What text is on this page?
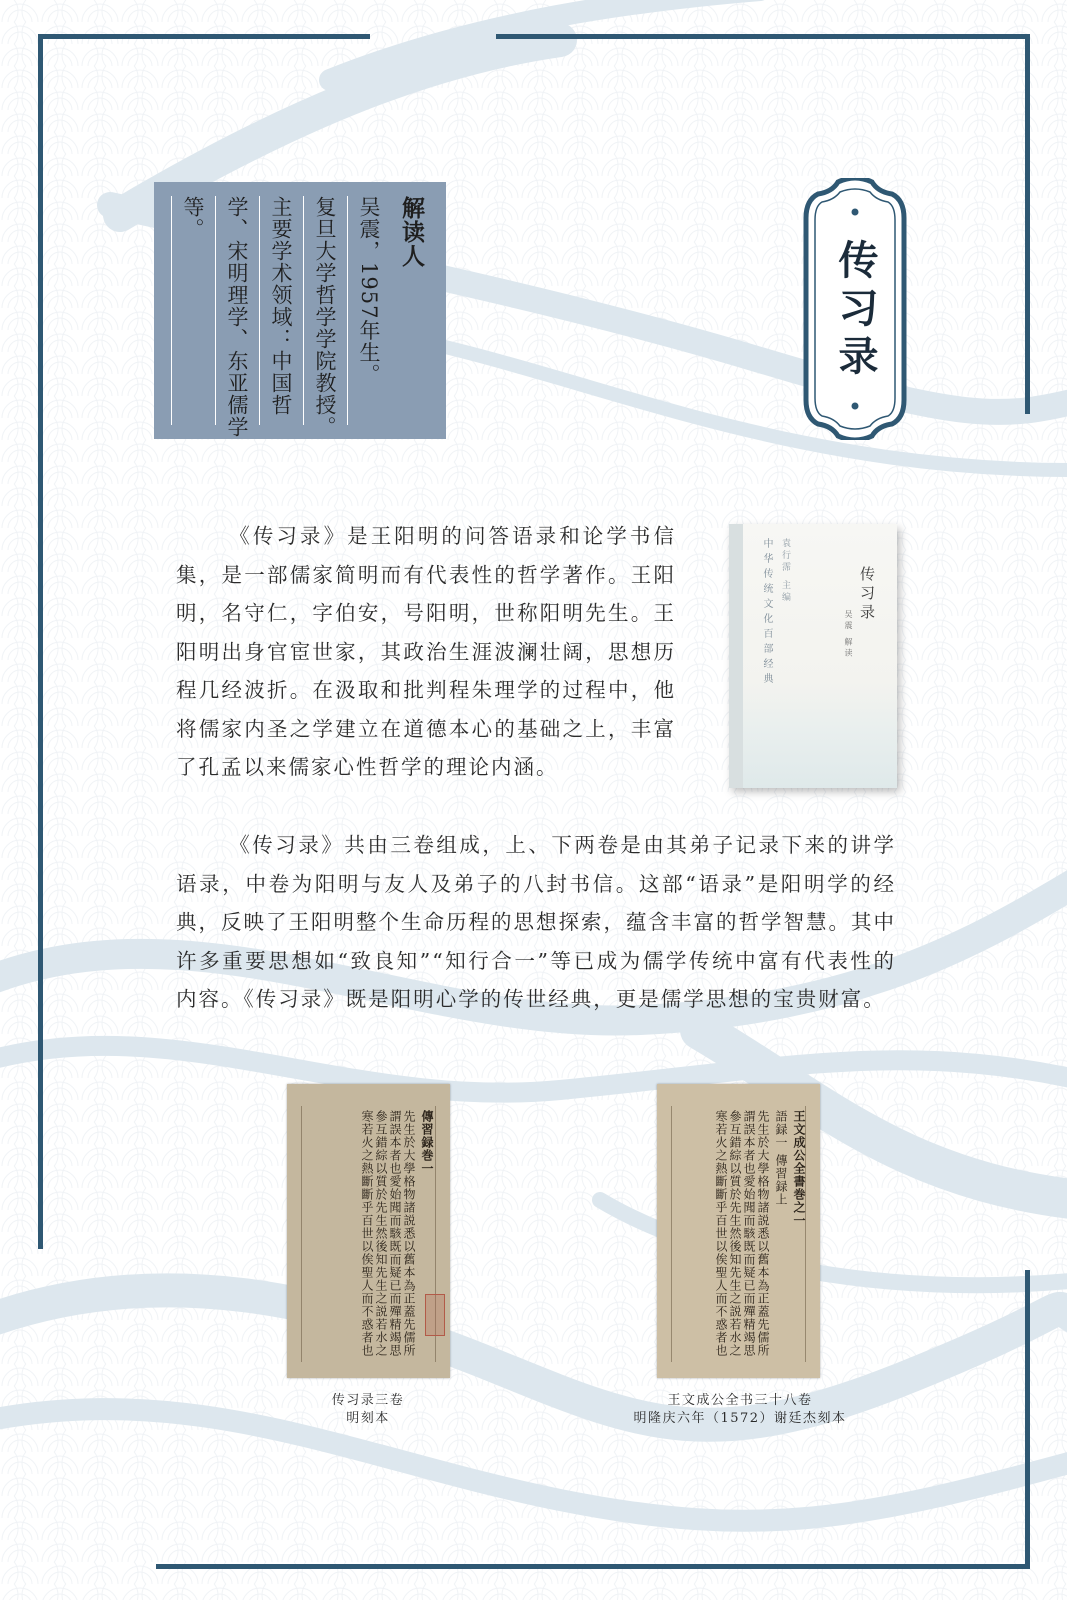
解读人
吴震，1957年生。
复旦大学哲学学院教授。
主要学术领域：中国哲
学、宋明理学、东亚儒学
等。
传习录

《传习录》是王阳明的问答语录和论学书信集，是一部儒家简明而有代表性的哲学著作。王阳明，名守仁，字伯安，号阳明，世称阳明先生。王阳明出身官宦世家，其政治生涯波澜壮阔，思想历程几经波折。在汲取和批判程朱理学的过程中，他将儒家内圣之学建立在道德本心的基础之上，丰富了孔孟以来儒家心性哲学的理论内涵。

《传习录》共由三卷组成，上、下两卷是由其弟子记录下来的讲学语录，中卷为阳明与友人及弟子的八封书信。这部“语录”是阳明学的经典，反映了王阳明整个生命历程的思想探索，蕴含丰富的哲学智慧。其中许多重要思想如“致良知”“知行合一”等已成为儒学传统中富有代表性的内容。《传习录》既是阳明心学的传世经典，更是儒学思想的宝贵财富。

中华传统文化百部经典 袁行霈 主编	传习录
吴震 解读
傳習録巻一
先生於大學格物諸説悉以舊本為正蓋先儒所謂誤本者也愛始聞而駭既而疑已而殫精竭思參互錯綜以質於先生然後知先生之説若水之寒若火之熱斷斷乎百世以俟聖人而不惑者也	王文成公全書巻之一
語録一 傳習録上
先生於大學格物諸説悉以舊本為正蓋先儒所謂誤本者也愛始聞而駭既而疑已而殫精竭思參互錯綜以質於先生然後知先生之説若水之寒若火之熱斷斷乎百世以俟聖人而不惑者也
传习录三卷
明刻本
王文成公全书三十八卷
明隆庆六年（1572）谢廷杰刻本
